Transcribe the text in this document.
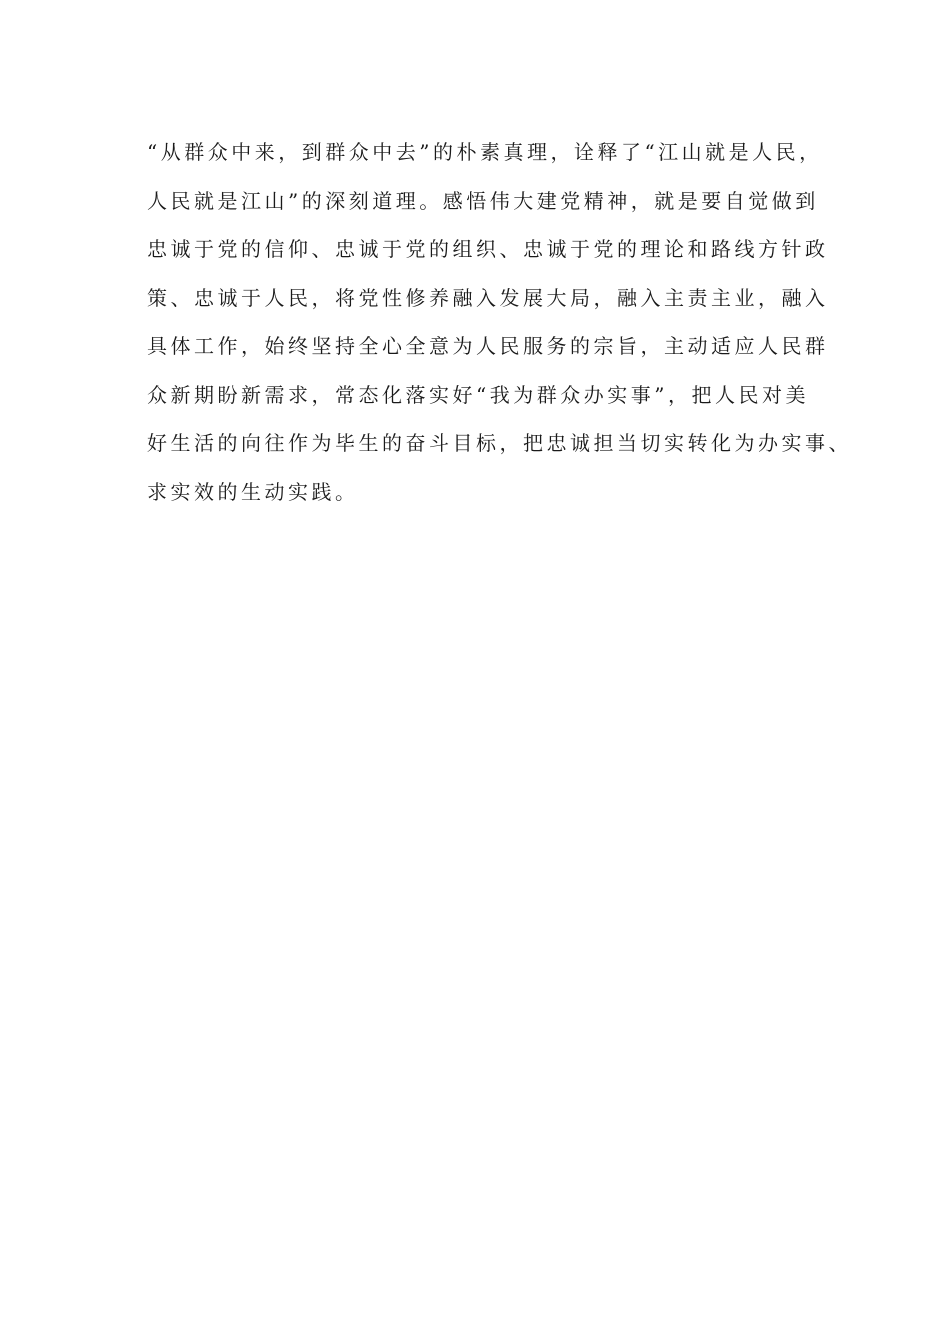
“从群众中来，到群众中去”的朴素真理，诠释了“江山就是人民，
人民就是江山”的深刻道理。感悟伟大建党精神，就是要自觉做到
忠诚于党的信仰、忠诚于党的组织、忠诚于党的理论和路线方针政
策、忠诚于人民，将党性修养融入发展大局，融入主责主业，融入
具体工作，始终坚持全心全意为人民服务的宗旨，主动适应人民群
众新期盼新需求，常态化落实好“我为群众办实事”，把人民对美
好生活的向往作为毕生的奋斗目标，把忠诚担当切实转化为办实事、
求实效的生动实践。
